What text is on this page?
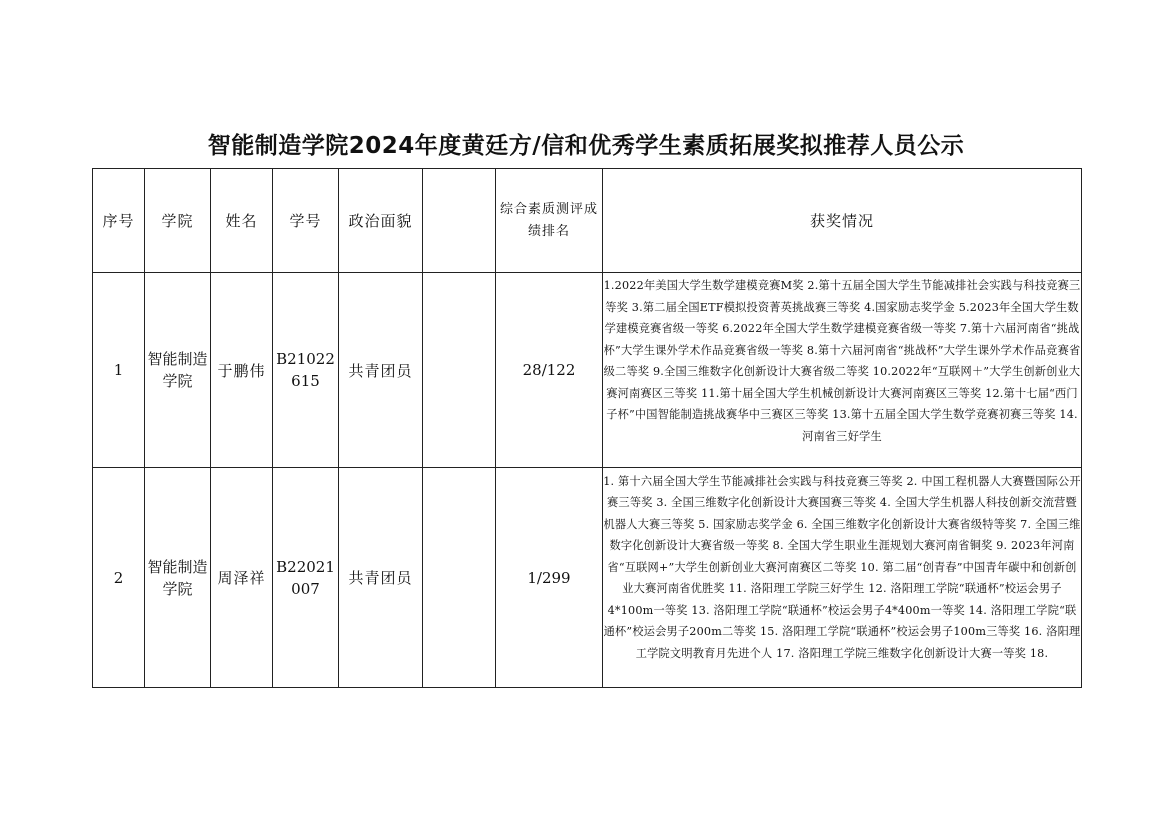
智能制造学院2024年度黄廷方/信和优秀学生素质拓展奖拟推荐人员公示
序号	学院	姓名	学号	政治面貌		综合素质测评成绩排名	获奖情况
1	智能制造学院	于鹏伟	B21022615	共青团员		28/122	1.2022年美国大学生数学建模竞赛M奖 2.第十五届全国大学生节能减排社会实践与科技竞赛三等奖 3.第二届全国ETF模拟投资菁英挑战赛三等奖 4.国家励志奖学金 5.2023年全国大学生数学建模竞赛省级一等奖 6.2022年全国大学生数学建模竞赛省级一等奖 7.第十六届河南省“挑战杯”大学生课外学术作品竞赛省级一等奖 8.第十六届河南省“挑战杯”大学生课外学术作品竞赛省级二等奖 9.全国三维数字化创新设计大赛省级二等奖 10.2022年“互联网＋”大学生创新创业大赛河南赛区三等奖 11.第十届全国大学生机械创新设计大赛河南赛区三等奖 12.第十七届“西门子杯”中国智能制造挑战赛华中三赛区三等奖 13.第十五届全国大学生数学竞赛初赛三等奖 14.河南省三好学生

2	智能制造学院	周泽祥	B22021007	共青团员		1/299	1. 第十六届全国大学生节能减排社会实践与科技竞赛三等奖 2. 中国工程机器人大赛暨国际公开赛三等奖 3. 全国三维数字化创新设计大赛国赛三等奖 4. 全国大学生机器人科技创新交流营暨机器人大赛三等奖 5. 国家励志奖学金 6. 全国三维数字化创新设计大赛省级特等奖 7. 全国三维数字化创新设计大赛省级一等奖 8. 全国大学生职业生涯规划大赛河南省铜奖 9. 2023年河南省“互联网+”大学生创新创业大赛河南赛区二等奖 10. 第二届“创青春”中国青年碳中和创新创业大赛河南省优胜奖 11. 洛阳理工学院三好学生 12. 洛阳理工学院“联通杯”校运会男子4*100m一等奖 13. 洛阳理工学院“联通杯”校运会男子4*400m一等奖 14. 洛阳理工学院“联通杯”校运会男子200m二等奖 15. 洛阳理工学院“联通杯”校运会男子100m三等奖 16. 洛阳理工学院文明教育月先进个人 17. 洛阳理工学院三维数字化创新设计大赛一等奖 18.
